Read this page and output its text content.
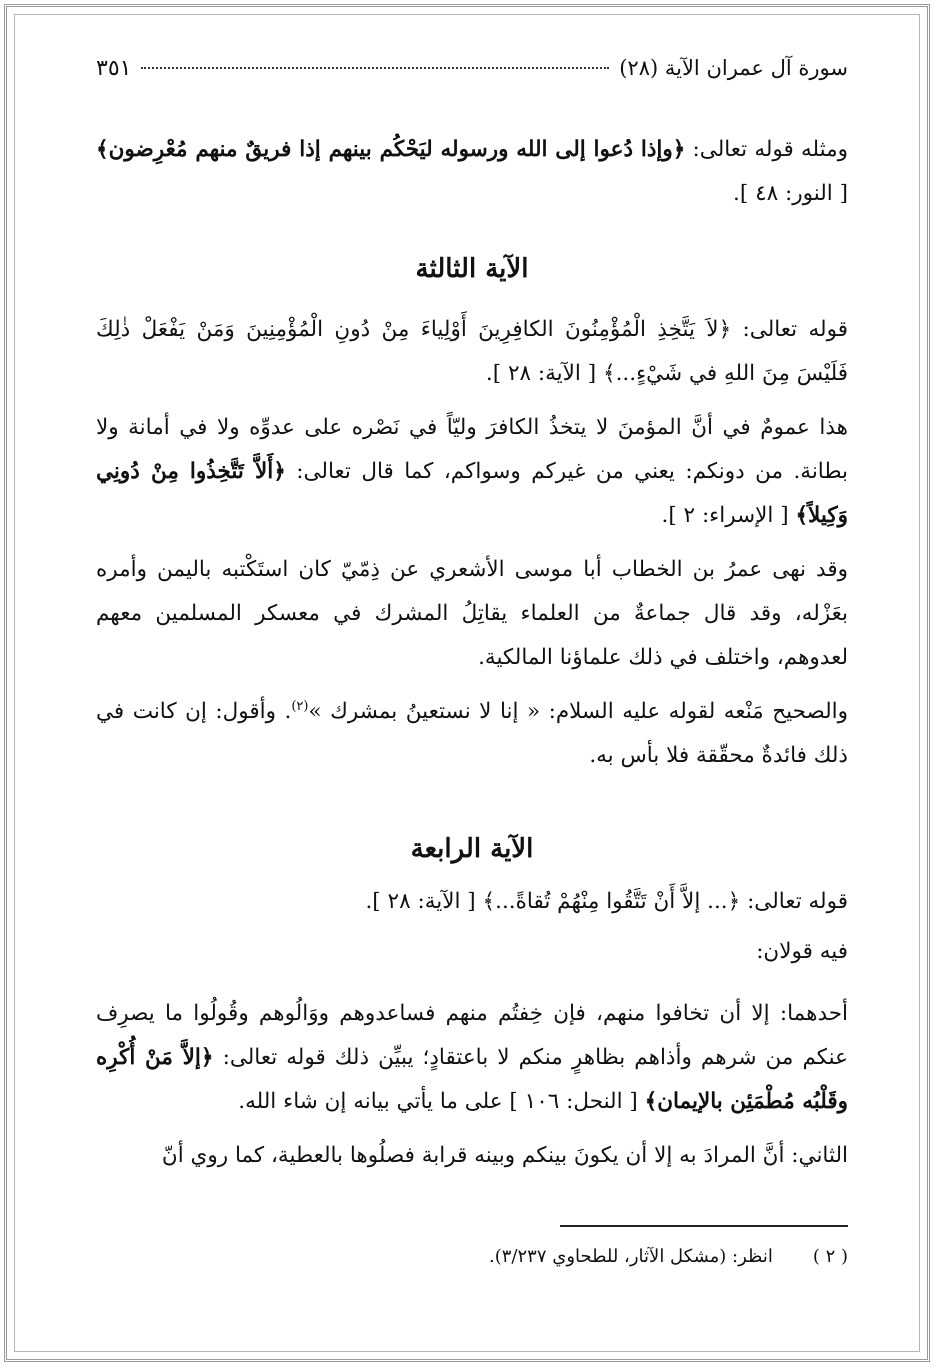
سورة آل عمران الآية (٢٨)
٣٥١

ومثله قوله تعالى: ﴿وإذا دُعوا إلى الله ورسوله ليَحْكُم بينهم إذا فريقٌ منهم مُعْرِضون﴾ [ النور: ٤٨ ].

الآية الثالثة

قوله تعالى: ﴿لاَ يَتَّخِذِ الْمُؤْمِنُونَ الكافِرِينَ أَوْلِياءَ مِنْ دُونِ الْمُؤْمِنِينَ وَمَنْ يَفْعَلْ ذٰلِكَ فَلَيْسَ مِنَ اللهِ في شَيْءٍ...﴾ [ الآية: ٢٨ ].

هذا عمومٌ في أنَّ المؤمنَ لا يتخذُ الكافرَ وليّاً في نَصْره على عدوِّه ولا في أمانة ولا بطانة. من دونكم: يعني من غيركم وسواكم، كما قال تعالى: ﴿أَلاَّ تَتَّخِذُوا مِنْ دُونِي وَكِيلاً﴾ [ الإسراء: ٢ ].

وقد نهى عمرُ بن الخطاب أبا موسى الأشعري عن ذِمّيّ كان استَكْتبه باليمن وأمره بعَزْله، وقد قال جماعةٌ من العلماء يقاتِلُ المشرك في معسكر المسلمين معهم لعدوهم، واختلف في ذلك علماؤنا المالكية.

والصحيح مَنْعه لقوله عليه السلام: « إنا لا نستعينُ بمشرك »$^{(٢)}$. وأقول: إن كانت في ذلك فائدةٌ محقّقة فلا بأس به.

الآية الرابعة

قوله تعالى: ﴿... إلاَّ أَنْ تَتَّقُوا مِنْهُمْ تُقاةً...﴾ [ الآية: ٢٨ ].

فيه قولان:

أحدهما: إلا أن تخافوا منهم، فإن خِفتُم منهم فساعدوهم ووَالُوهم وقُولُوا ما يصرِف عنكم من شرهم وأذاهم بظاهرٍ منكم لا باعتقادٍ؛ يبيِّن ذلك قوله تعالى: ﴿إلاَّ مَنْ أُكْرِه وقَلْبُه مُطْمَئِن بالإيمان﴾ [ النحل: ١٠٦ ] على ما يأتي بيانه إن شاء الله.

الثاني: أنَّ المرادَ به إلا أن يكونَ بينكم وبينه قرابة فصلُوها بالعطية، كما روي أنّ

( ٢ )
انظر: (مشكل الآثار، للطحاوي ٣/٢٣٧).
